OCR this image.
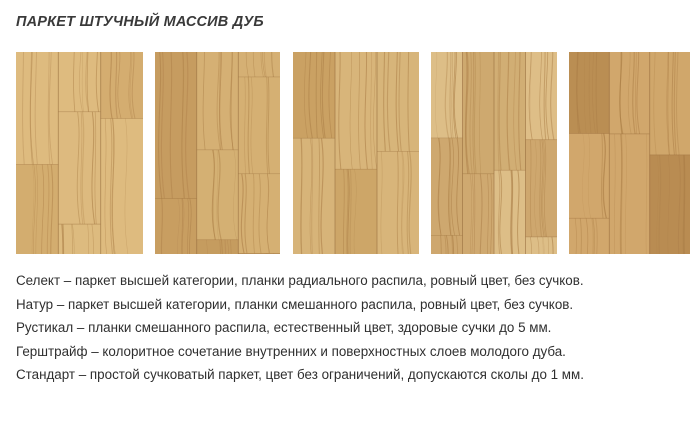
ПАРКЕТ ШТУЧНЫЙ МАССИВ ДУБ
Селект – паркет высшей категории, планки радиального распила, ровный цвет, без сучков.
Натур – паркет высшей категории, планки смешанного распила, ровный цвет, без сучков.
Рустикал – планки смешанного распила, естественный цвет, здоровые сучки до 5 мм.
Герштрайф – колоритное сочетание внутренних и поверхностных слоев молодого дуба.
Стандарт – простой сучковатый паркет, цвет без ограничений, допускаются сколы до 1 мм.
